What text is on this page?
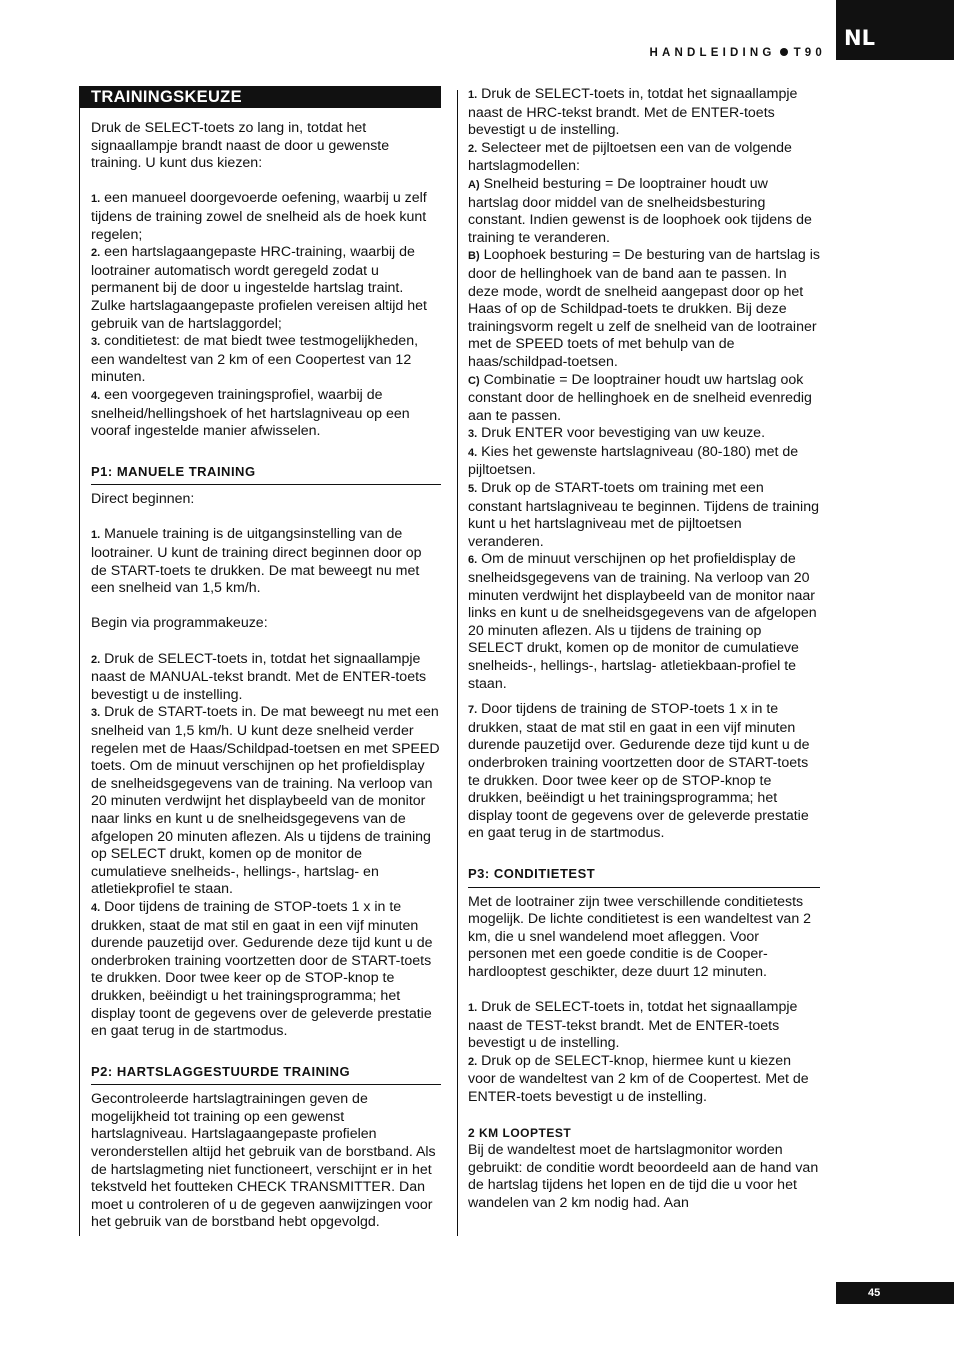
NL
HANDLEIDING T90
TRAININGSKEUZE

Druk de SELECT-toets zo lang in, totdat het signaallampje brandt naast de door u gewenste training. U kunt dus kiezen:

1. een manueel doorgevoerde oefening, waarbij u zelf tijdens de training zowel de snelheid als de hoek kunt regelen;

2. een hartslagaangepaste HRC-training, waarbij de lootrainer automatisch wordt geregeld zodat u permanent bij de door u ingestelde hartslag traint. Zulke hartslagaangepaste profielen vereisen altijd het gebruik van de hartslaggordel;

3. conditietest: de mat biedt twee testmogelijkheden, een wandeltest van 2 km of een Coopertest van 12 minuten.

4. een voorgegeven trainingsprofiel, waarbij de snelheid/hellingshoek of het hartslagniveau op een vooraf ingestelde manier afwisselen.

P1: MANUELE TRAINING

Direct beginnen:

1. Manuele training is de uitgangsinstelling van de lootrainer. U kunt de training direct beginnen door op de START-toets te drukken. De mat beweegt nu met een snelheid van 1,5 km/h.

Begin via programmakeuze:

2. Druk de SELECT-toets in, totdat het signaallampje naast de MANUAL-tekst brandt. Met de ENTER-toets bevestigt u de instelling.

3. Druk de START-toets in. De mat beweegt nu met een snelheid van 1,5 km/h. U kunt deze snelheid verder regelen met de Haas/Schildpad-toetsen en met SPEED toets. Om de minuut verschijnen op het profieldisplay de snelheidsgegevens van de training. Na verloop van 20 minuten verdwijnt het displaybeeld van de monitor naar links en kunt u de snelheidsgegevens van de afgelopen 20 minuten aflezen. Als u tijdens de training op SELECT drukt, komen op de monitor de cumulatieve snelheids-, hellings-, hartslag- en atletiekprofiel te staan.

4. Door tijdens de training de STOP-toets 1 x in te drukken, staat de mat stil en gaat in een vijf minuten durende pauzetijd over. Gedurende deze tijd kunt u de onderbroken training voortzetten door de START-toets te drukken. Door twee keer op de STOP-knop te drukken, beëindigt u het trainingsprogramma; het display toont de gegevens over de geleverde prestatie en gaat terug in de startmodus.

P2: HARTSLAGGESTUURDE TRAINING

Gecontroleerde hartslagtrainingen geven de mogelijkheid tot training op een gewenst hartslagniveau. Hartslagaangepaste profielen veronderstellen altijd het gebruik van de borstband. Als de hartslagmeting niet functioneert, verschijnt er in het tekstveld het foutteken CHECK TRANSMITTER. Dan moet u controleren of u de gegeven aanwijzingen voor het gebruik van de borstband hebt opgevolgd.

1. Druk de SELECT-toets in, totdat het signaallampje naast de HRC-tekst brandt. Met de ENTER-toets bevestigt u de instelling.

2. Selecteer met de pijltoetsen een van de volgende hartslagmodellen:

A) Snelheid besturing = De looptrainer houdt uw hartslag door middel van de snelheidsbesturing constant. Indien gewenst is de loophoek ook tijdens de training te veranderen.

B) Loophoek besturing = De besturing van de hartslag is door de hellinghoek van de band aan te passen. In deze mode, wordt de snelheid aangepast door op het Haas of op de Schildpad-toets te drukken. Bij deze trainingsvorm regelt u zelf de snelheid van de lootrainer met de SPEED toets of met behulp van de haas/schildpad-toetsen.

C) Combinatie = De looptrainer houdt uw hartslag ook constant door de hellinghoek en de snelheid evenredig aan te passen.

3. Druk ENTER voor bevestiging van uw keuze.

4. Kies het gewenste hartslagniveau (80-180) met de pijltoetsen.

5. Druk op de START-toets om training met een constant hartslagniveau te beginnen. Tijdens de training kunt u het hartslagniveau met de pijltoetsen veranderen.

6. Om de minuut verschijnen op het profieldisplay de snelheidsgegevens van de training. Na verloop van 20 minuten verdwijnt het displaybeeld van de monitor naar links en kunt u de snelheidsgegevens van de afgelopen 20 minuten aflezen. Als u tijdens de training op SELECT drukt, komen op de monitor de cumulatieve snelheids-, hellings-, hartslag- atletiekbaan-profiel te staan.

7. Door tijdens de training de STOP-toets 1 x in te drukken, staat de mat stil en gaat in een vijf minuten durende pauzetijd over. Gedurende deze tijd kunt u de onderbroken training voortzetten door de START-toets te drukken. Door twee keer op de STOP-knop te drukken, beëindigt u het trainingsprogramma; het display toont de gegevens over de geleverde prestatie en gaat terug in de startmodus.

P3: CONDITIETEST

Met de lootrainer zijn twee verschillende conditietests mogelijk. De lichte conditietest is een wandeltest van 2 km, die u snel wandelend moet afleggen. Voor personen met een goede conditie is de Cooper-hardlooptest geschikter, deze duurt 12 minuten.

1. Druk de SELECT-toets in, totdat het signaallampje naast de TEST-tekst brandt. Met de ENTER-toets bevestigt u de instelling.

2. Druk op de SELECT-knop, hiermee kunt u kiezen voor de wandeltest van 2 km of de Coopertest. Met de ENTER-toets bevestigt u de instelling.

2 KM LOOPTEST

Bij de wandeltest moet de hartslagmonitor worden gebruikt: de conditie wordt beoordeeld aan de hand van de hartslag tijdens het lopen en de tijd die u voor het wandelen van 2 km nodig had. Aan

45
